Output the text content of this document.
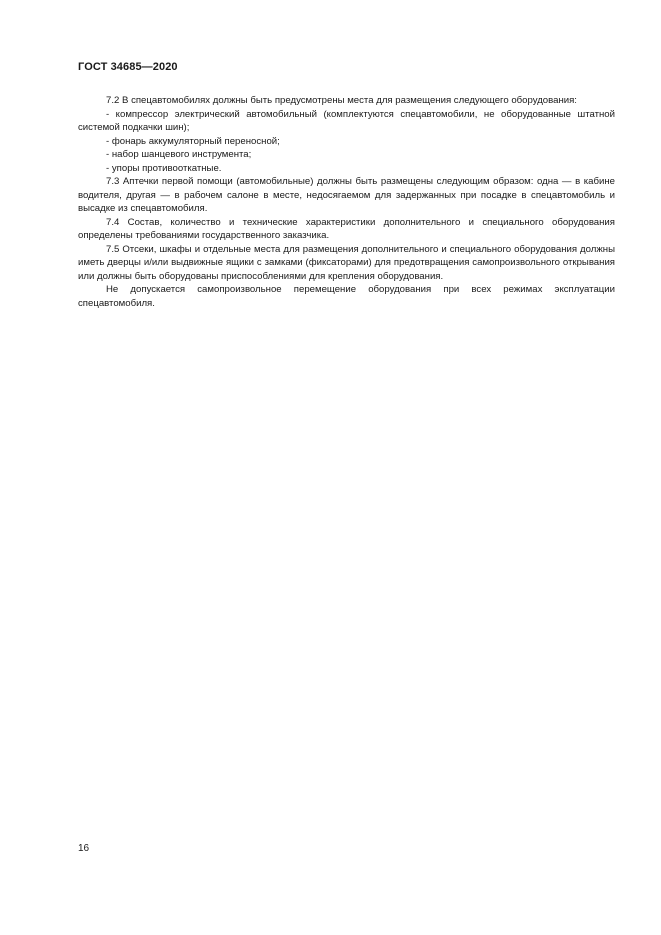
ГОСТ 34685—2020

7.2 В спецавтомобилях должны быть предусмотрены места для размещения следующего оборудования:

- компрессор электрический автомобильный (комплектуются спецавтомобили, не оборудованные штатной системой подкачки шин);

- фонарь аккумуляторный переносной;

- набор шанцевого инструмента;

- упоры противооткатные.

7.3 Аптечки первой помощи (автомобильные) должны быть размещены следующим образом: одна — в кабине водителя, другая — в рабочем салоне в месте, недосягаемом для задержанных при посадке в спецавтомобиль и высадке из спецавтомобиля.

7.4 Состав, количество и технические характеристики дополнительного и специального оборудования определены требованиями государственного заказчика.

7.5 Отсеки, шкафы и отдельные места для размещения дополнительного и специального оборудования должны иметь дверцы и/или выдвижные ящики с замками (фиксаторами) для предотвращения самопроизвольного открывания или должны быть оборудованы приспособлениями для крепления оборудования.

Не допускается самопроизвольное перемещение оборудования при всех режимах эксплуатации спецавтомобиля.

16
